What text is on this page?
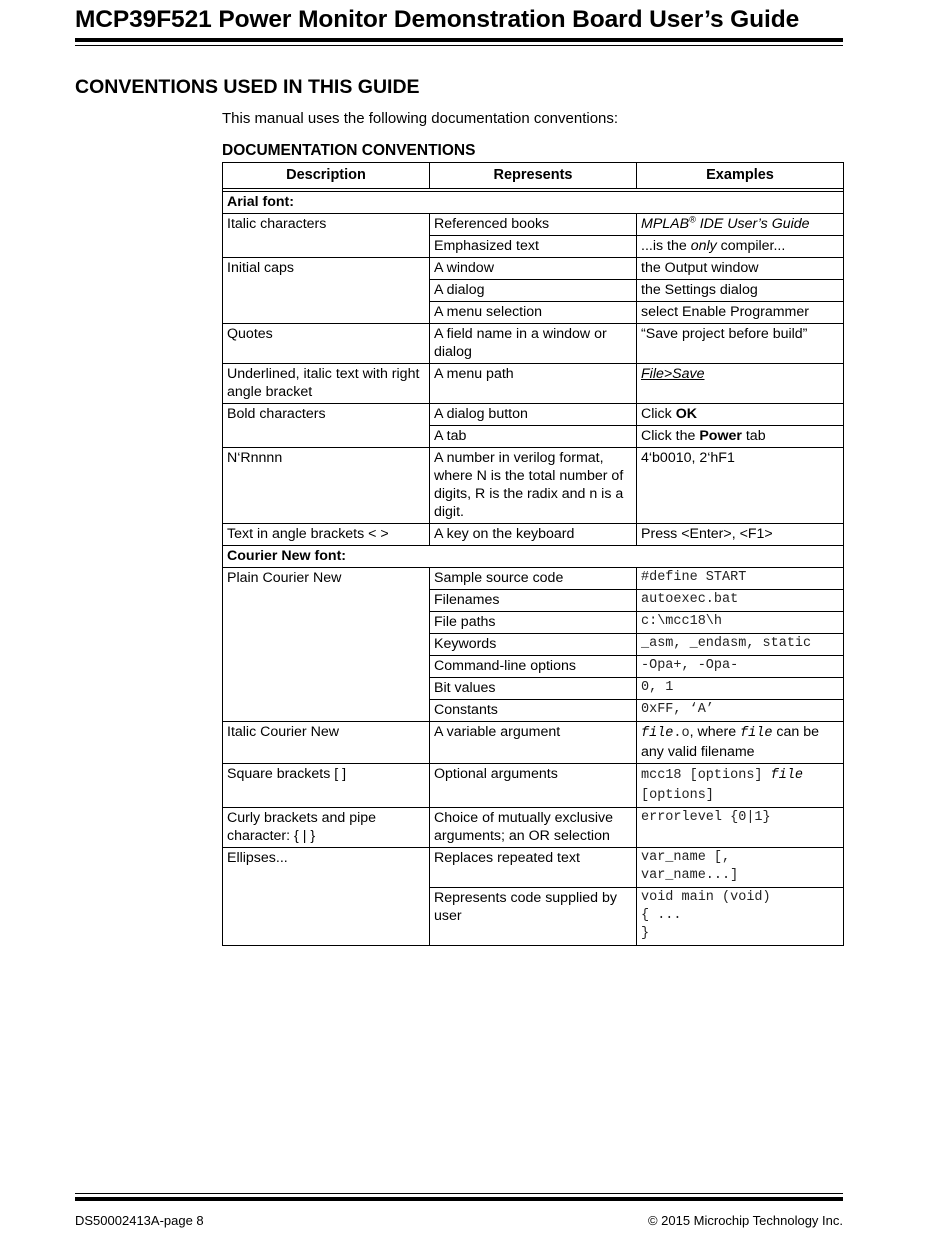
MCP39F521 Power Monitor Demonstration Board User’s Guide
CONVENTIONS USED IN THIS GUIDE
This manual uses the following documentation conventions:
DOCUMENTATION CONVENTIONS
Description	Represents	Examples

Arial font:		
Italic characters	Referenced books	MPLAB® IDE User’s Guide
	Emphasized text	...is the only compiler...
Initial caps	A window	the Output window
	A dialog	the Settings dialog
	A menu selection	select Enable Programmer
Quotes	A field name in a window or dialog	“Save project before build”
Underlined, italic text with right angle bracket	A menu path	File>Save
Bold characters	A dialog button	Click OK
	A tab	Click the Power tab
N‘Rnnnn	A number in verilog format, where N is the total number of digits, R is the radix and n is a digit.	4‘b0010, 2‘hF1
Text in angle brackets < >	A key on the keyboard	Press <Enter>, <F1>
Courier New font:		
Plain Courier New	Sample source code	#define START
	Filenames	autoexec.bat
	File paths	c:\mcc18\h
	Keywords	_asm, _endasm, static
	Command-line options	-Opa+, -Opa-
	Bit values	0, 1
	Constants	0xFF, ‘A’
Italic Courier New	A variable argument	file.o, where file can be any valid filename
Square brackets [ ]	Optional arguments	mcc18 [options] file
[options]
Curly brackets and pipe character: { | }	Choice of mutually exclusive arguments; an OR selection	errorlevel {0|1}
Ellipses...	Replaces repeated text	var_name [,
var_name...]
	Represents code supplied by user	void main (void)
{ ...
}
DS50002413A-page 8	© 2015 Microchip Technology Inc.
